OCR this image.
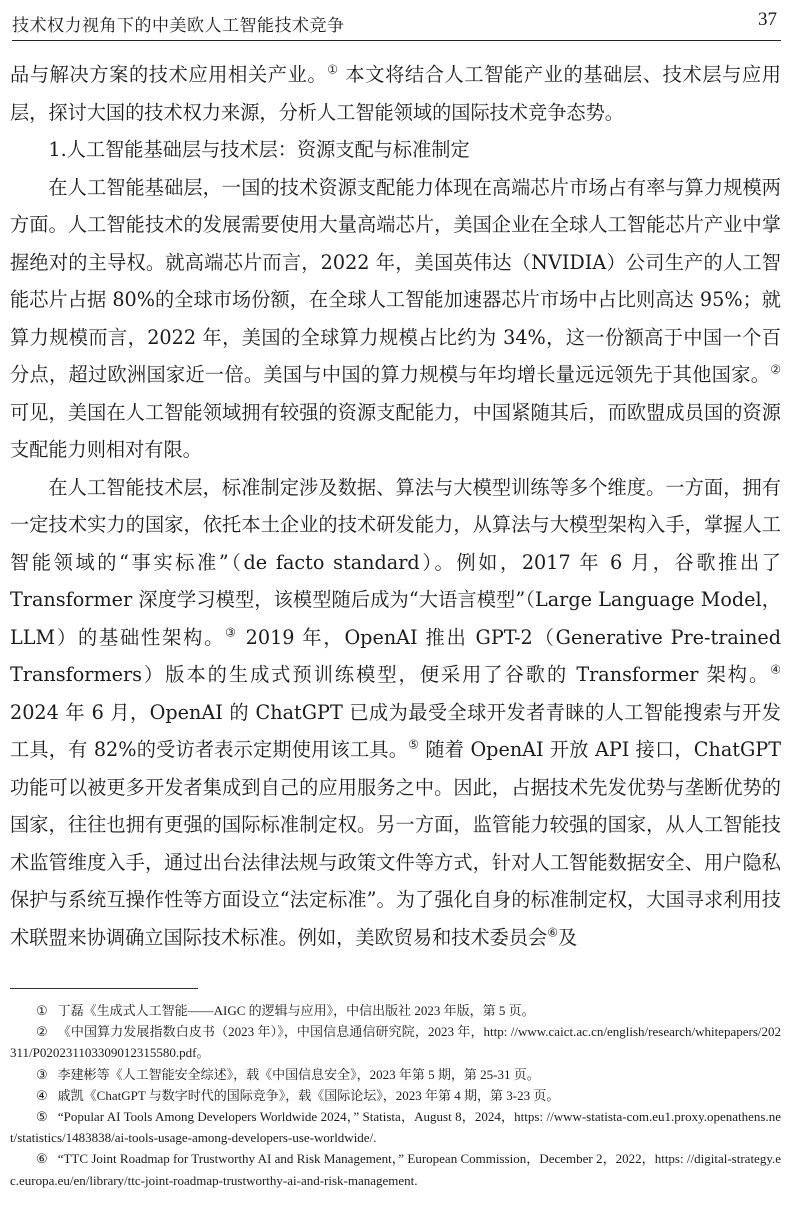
技术权力视角下的中美欧人工智能技术竞争	37

品与解决方案的技术应用相关产业。① 本文将结合人工智能产业的基础层、技术层与应用层，探讨大国的技术权力来源，分析人工智能领域的国际技术竞争态势。

1.人工智能基础层与技术层：资源支配与标准制定

在人工智能基础层，一国的技术资源支配能力体现在高端芯片市场占有率与算力规模两方面。人工智能技术的发展需要使用大量高端芯片，美国企业在全球人工智能芯片产业中掌握绝对的主导权。就高端芯片而言，2022 年，美国英伟达（NVIDIA）公司生产的人工智能芯片占据 80%的全球市场份额，在全球人工智能加速器芯片市场中占比则高达 95%；就算力规模而言，2022 年，美国的全球算力规模占比约为 34%，这一份额高于中国一个百分点，超过欧洲国家近一倍。美国与中国的算力规模与年均增长量远远领先于其他国家。② 可见，美国在人工智能领域拥有较强的资源支配能力，中国紧随其后，而欧盟成员国的资源支配能力则相对有限。

在人工智能技术层，标准制定涉及数据、算法与大模型训练等多个维度。一方面，拥有一定技术实力的国家，依托本土企业的技术研发能力，从算法与大模型架构入手，掌握人工智能领域的“事实标准”（de facto standard）。例如，2017 年 6 月，谷歌推出了 Transformer 深度学习模型，该模型随后成为“大语言模型”（Large Language Model，LLM）的基础性架构。③ 2019 年，OpenAI 推出 GPT-2（Generative Pre-trained Transformers）版本的生成式预训练模型，便采用了谷歌的 Transformer 架构。④ 2024 年 6 月，OpenAI 的 ChatGPT 已成为最受全球开发者青睐的人工智能搜索与开发工具，有 82%的受访者表示定期使用该工具。⑤ 随着 OpenAI 开放 API 接口，ChatGPT 功能可以被更多开发者集成到自己的应用服务之中。因此，占据技术先发优势与垄断优势的国家，往往也拥有更强的国际标准制定权。另一方面，监管能力较强的国家，从人工智能技术监管维度入手，通过出台法律法规与政策文件等方式，针对人工智能数据安全、用户隐私保护与系统互操作性等方面设立“法定标准”。为了强化自身的标准制定权，大国寻求利用技术联盟来协调确立国际技术标准。例如，美欧贸易和技术委员会⑥及

① 丁磊《生成式人工智能——AIGC 的逻辑与应用》，中信出版社 2023 年版，第 5 页。

② 《中国算力发展指数白皮书（2023 年）》，中国信息通信研究院，2023 年，http: //www.caict.ac.cn/english/research/whitepapers/202311/P020231103309012315580.pdf。

③ 李建彬等《人工智能安全综述》，载《中国信息安全》，2023 年第 5 期，第 25-31 页。

④ 戚凯《ChatGPT 与数字时代的国际竞争》，载《国际论坛》，2023 年第 4 期，第 3-23 页。

⑤ “Popular AI Tools Among Developers Worldwide 2024，” Statista，August 8，2024，https: //www-statista-com.eu1.proxy.openathens.net/statistics/1483838/ai-tools-usage-among-developers-use-worldwide/.

⑥ “TTC Joint Roadmap for Trustworthy AI and Risk Management，” European Commission，December 2，2022，https: //digital-strategy.ec.europa.eu/en/library/ttc-joint-roadmap-trustworthy-ai-and-risk-management.
